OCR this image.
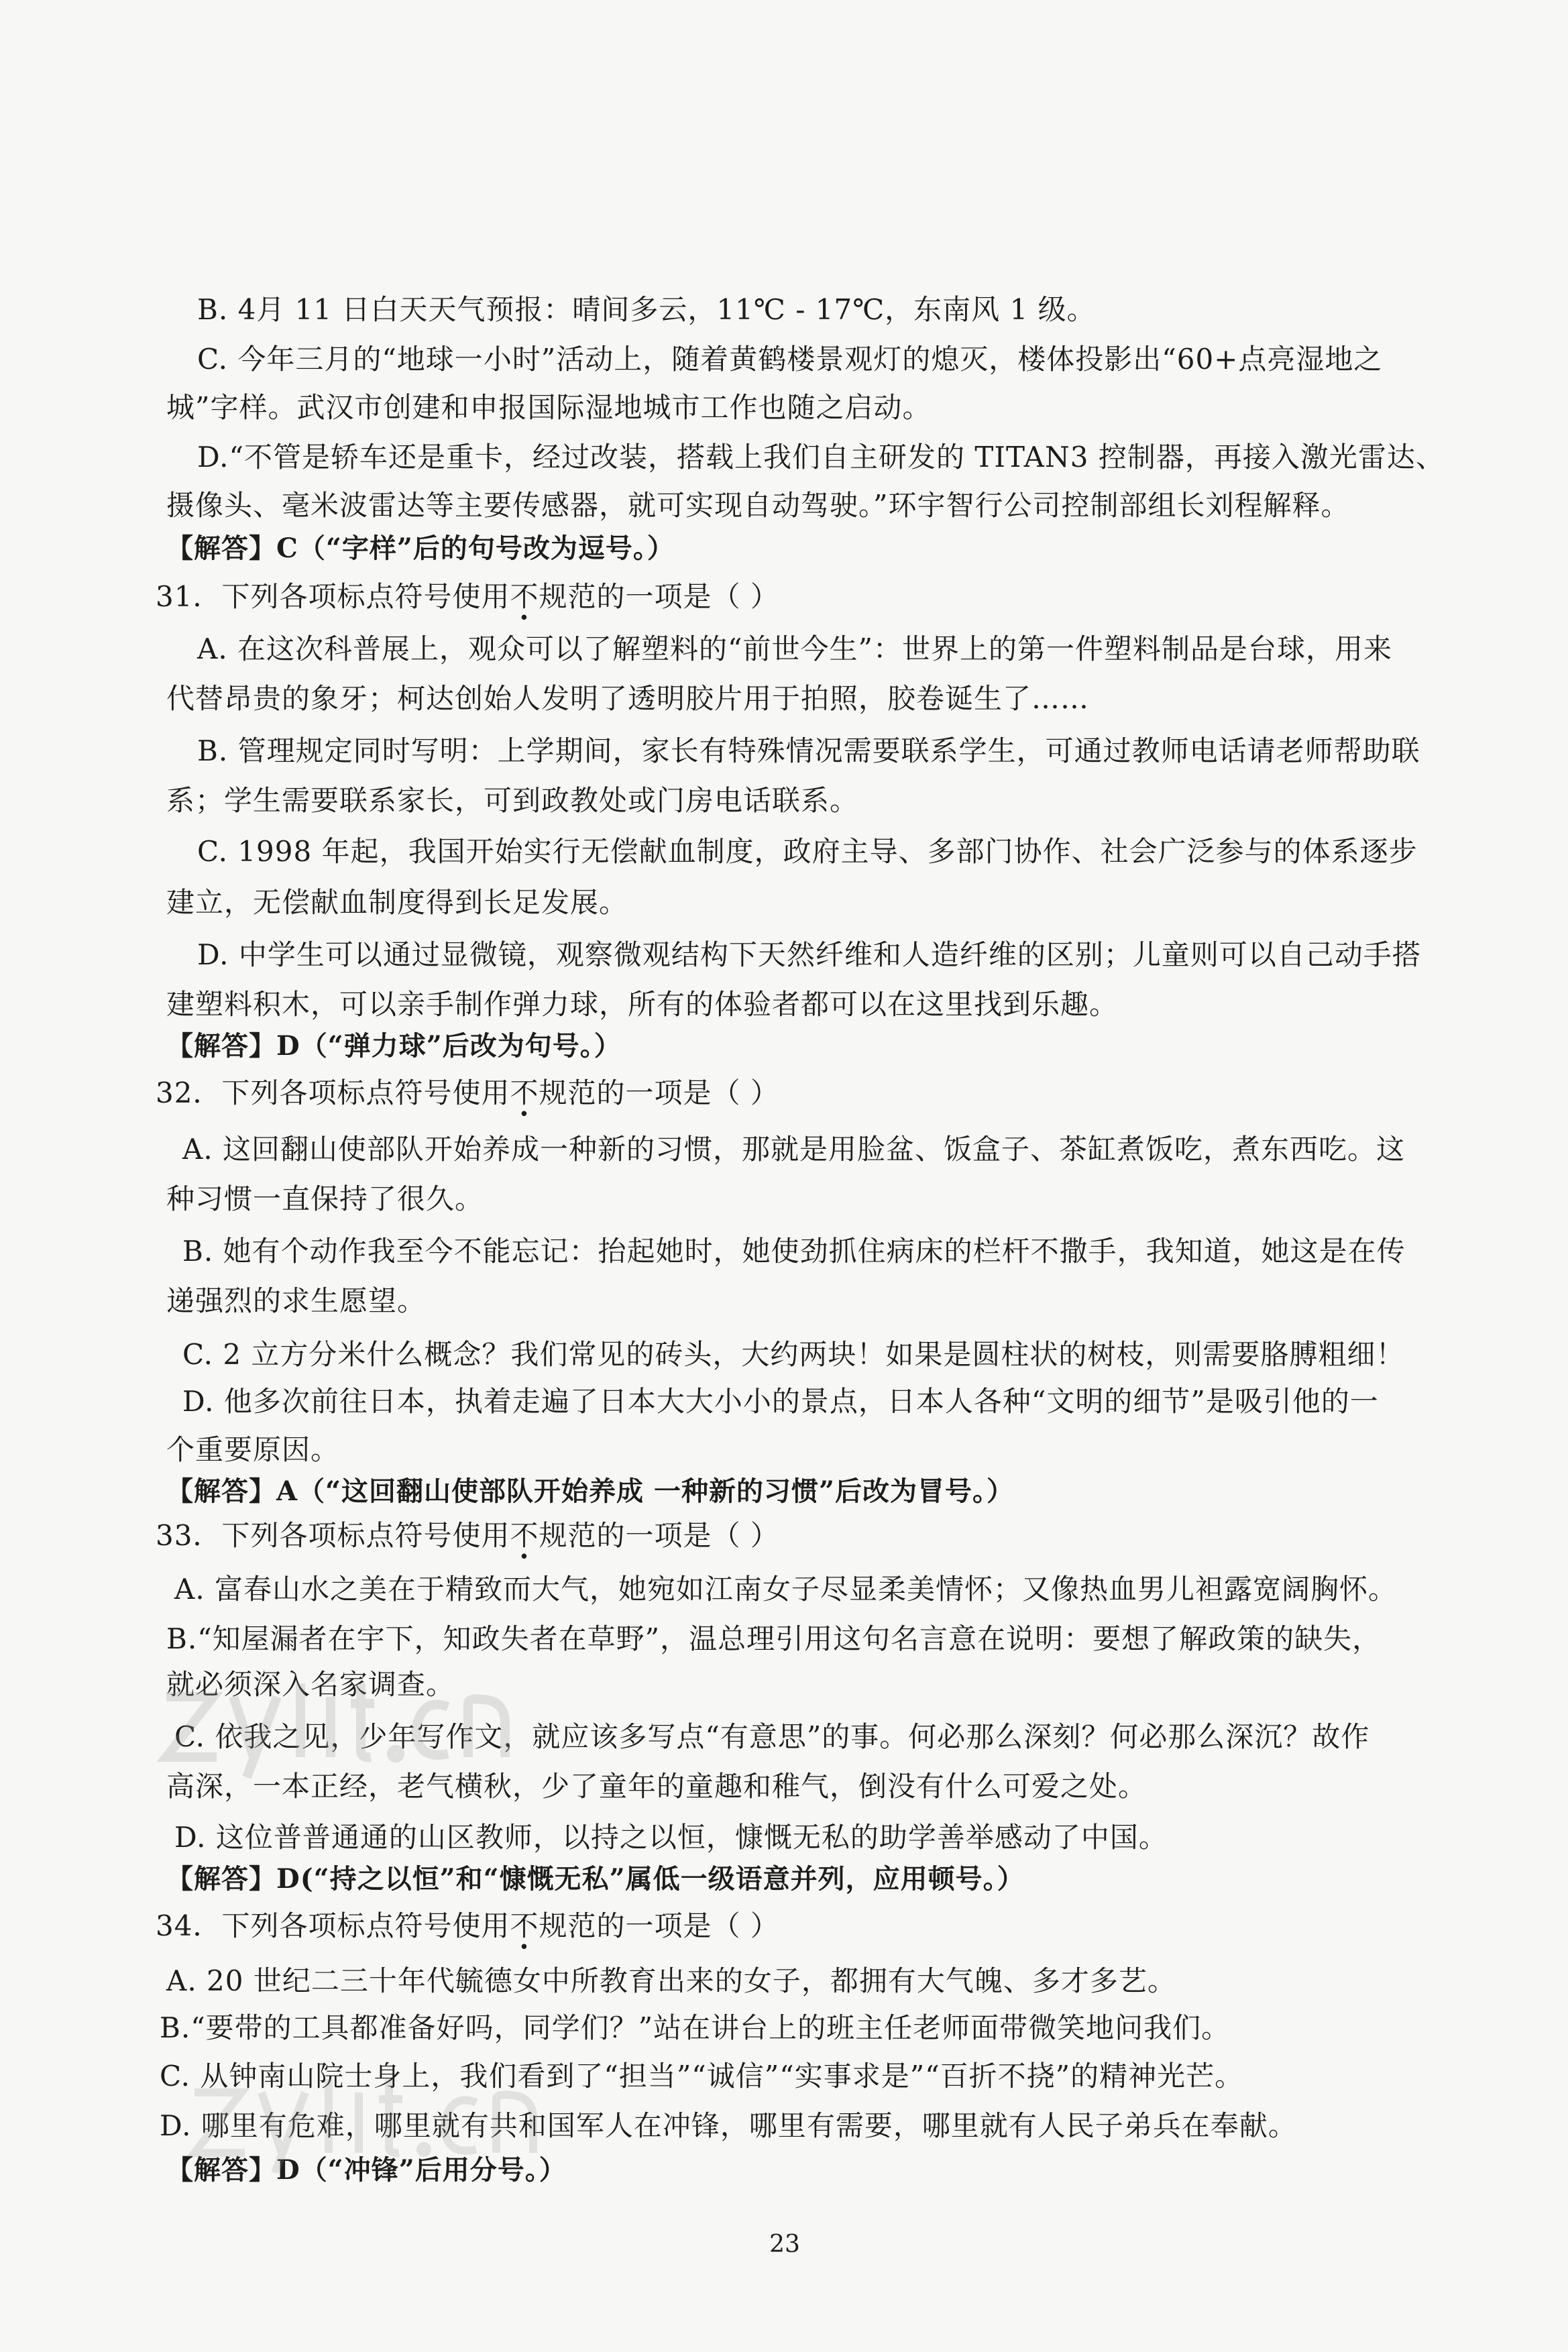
B. 4月 11 日白天天气预报：晴间多云，11℃ - 17℃，东南风 1 级。
C. 今年三月的“地球一小时”活动上，随着黄鹤楼景观灯的熄灭，楼体投影出“60+点亮湿地之
城”字样。武汉市创建和申报国际湿地城市工作也随之启动。
D.“不管是轿车还是重卡，经过改装，搭载上我们自主研发的 TITAN3 控制器，再接入激光雷达、
摄像头、毫米波雷达等主要传感器，就可实现自动驾驶。”环宇智行公司控制部组长刘程解释。
【解答】C（“字样”后的句号改为逗号。）
31．下列各项标点符号使用不
•
规范的一项是（ ）
A. 在这次科普展上，观众可以了解塑料的“前世今生”：世界上的第一件塑料制品是台球，用来
代替昂贵的象牙；柯达创始人发明了透明胶片用于拍照，胶卷诞生了……
B. 管理规定同时写明：上学期间，家长有特殊情况需要联系学生，可通过教师电话请老师帮助联
系；学生需要联系家长，可到政教处或门房电话联系。
C. 1998 年起，我国开始实行无偿献血制度，政府主导、多部门协作、社会广泛参与的体系逐步
建立，无偿献血制度得到长足发展。
D. 中学生可以通过显微镜，观察微观结构下天然纤维和人造纤维的区别；儿童则可以自己动手搭
建塑料积木，可以亲手制作弹力球，所有的体验者都可以在这里找到乐趣。
【解答】D（“弹力球”后改为句号。）
32．下列各项标点符号使用不
•
规范的一项是（ ）
A. 这回翻山使部队开始养成一种新的习惯，那就是用脸盆、饭盒子、茶缸煮饭吃，煮东西吃。这
种习惯一直保持了很久。
B. 她有个动作我至今不能忘记：抬起她时，她使劲抓住病床的栏杆不撒手，我知道，她这是在传
递强烈的求生愿望。
C. 2 立方分米什么概念？我们常见的砖头，大约两块！如果是圆柱状的树枝，则需要胳膊粗细！
D. 他多次前往日本，执着走遍了日本大大小小的景点，日本人各种“文明的细节”是吸引他的一
个重要原因。
【解答】A（“这回翻山使部队开始养成 一种新的习惯”后改为冒号。）
33．下列各项标点符号使用不
•
规范的一项是（ ）
A. 富春山水之美在于精致而大气，她宛如江南女子尽显柔美情怀；又像热血男儿袒露宽阔胸怀。
B.“知屋漏者在宇下，知政失者在草野”，温总理引用这句名言意在说明：要想了解政策的缺失，
就必须深入名家调查。
C. 依我之见，少年写作文，就应该多写点“有意思”的事。何必那么深刻？何必那么深沉？故作
高深，一本正经，老气横秋，少了童年的童趣和稚气，倒没有什么可爱之处。
D. 这位普普通通的山区教师，以持之以恒，慷慨无私的助学善举感动了中国。
【解答】D(“持之以恒”和“慷慨无私”属低一级语意并列，应用顿号。）
34．下列各项标点符号使用不
•
规范的一项是（ ）
A. 20 世纪二三十年代毓德女中所教育出来的女子，都拥有大气魄、多才多艺。
B.“要带的工具都准备好吗，同学们？”站在讲台上的班主任老师面带微笑地问我们。
C. 从钟南山院士身上，我们看到了“担当”“诚信”“实事求是”“百折不挠”的精神光芒。
D. 哪里有危难，哪里就有共和国军人在冲锋，哪里有需要，哪里就有人民子弟兵在奉献。
【解答】D（“冲锋”后用分号。）
23
